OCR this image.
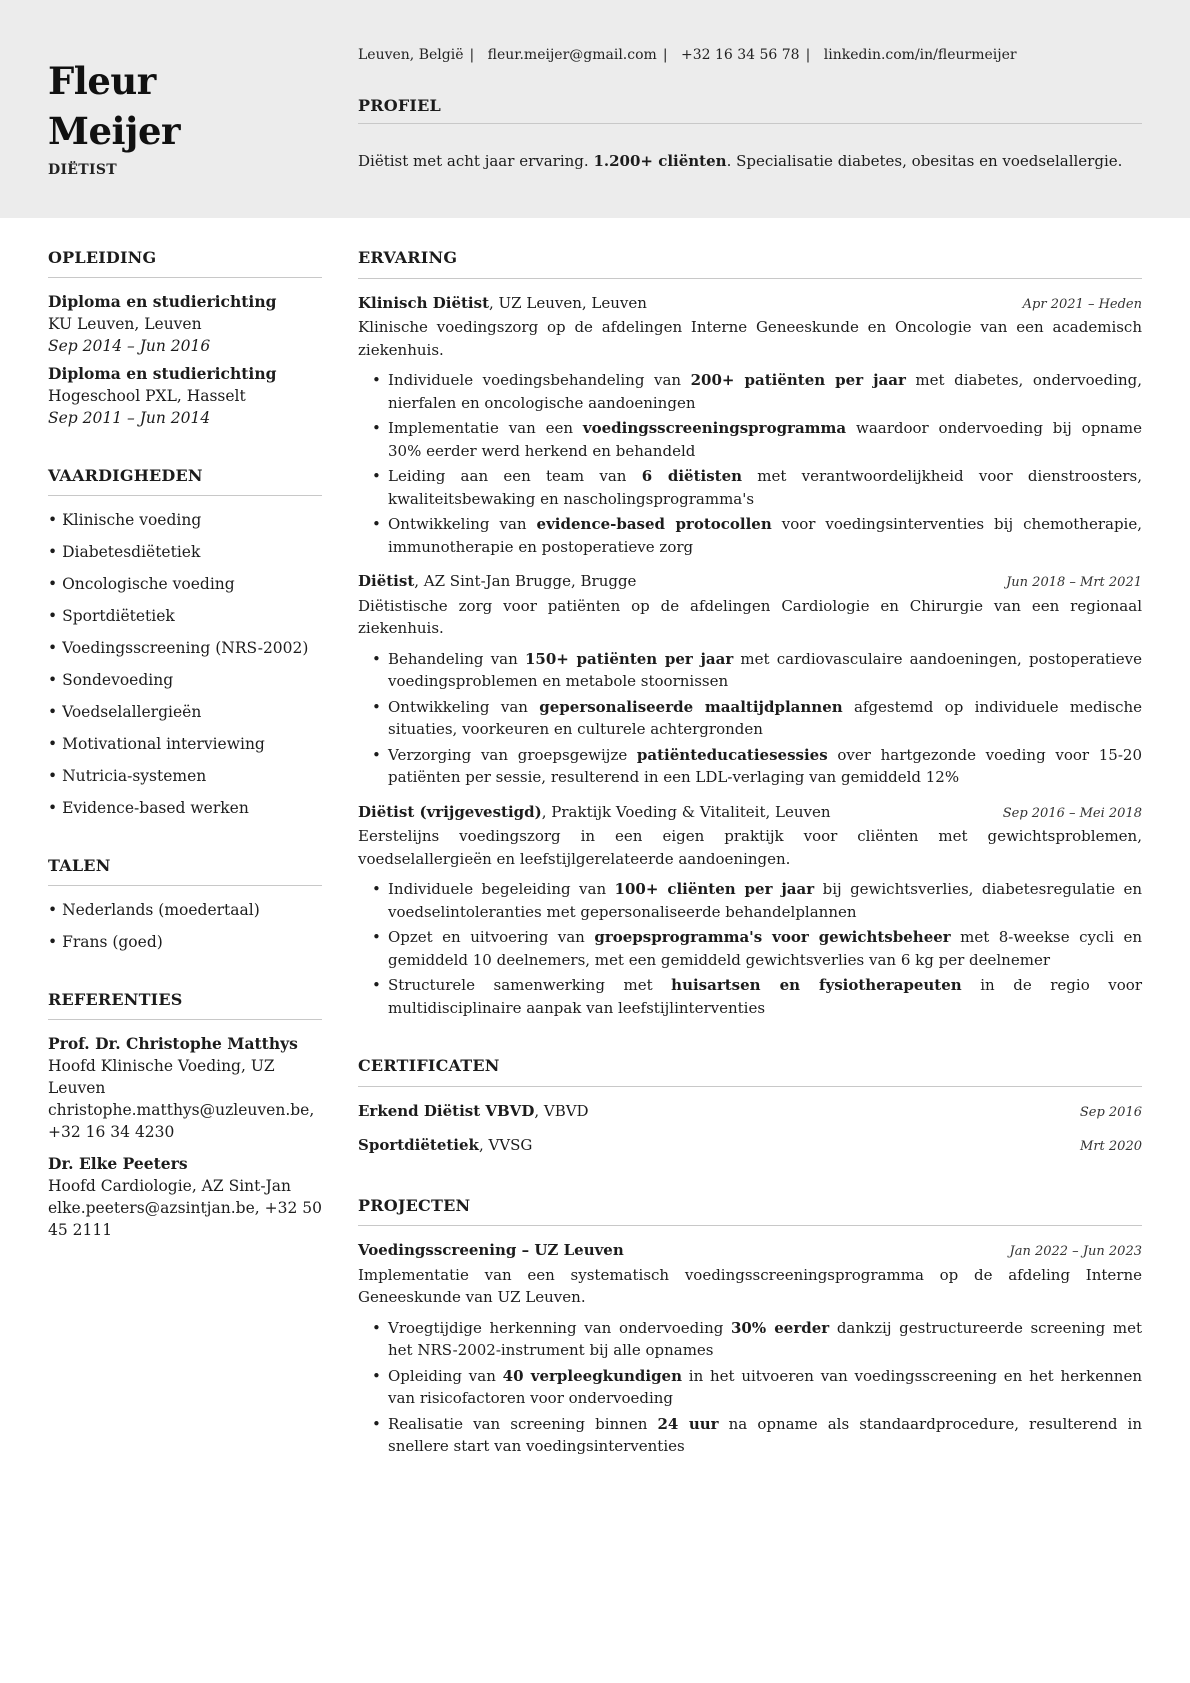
Fleur
Meijer
DIËTIST
Leuven, België | fleur.meijer@gmail.com | +32 16 34 56 78 | linkedin.com/in/fleurmeijer
PROFIEL

Diëtist met acht jaar ervaring. 1.200+ cliënten. Specialisatie diabetes, obesitas en voedselallergie.

OPLEIDING
Diploma en studierichting
KU Leuven, Leuven
Sep 2014 – Jun 2016
Diploma en studierichting
Hogeschool PXL, Hasselt
Sep 2011 – Jun 2014
VAARDIGHEDEN
• Klinische voeding
• Diabetesdiëtetiek
• Oncologische voeding
• Sportdiëtetiek
• Voedingsscreening (NRS-2002)
• Sondevoeding
• Voedselallergieën
• Motivational interviewing
• Nutricia-systemen
• Evidence-based werken
TALEN
• Nederlands (moedertaal)
• Frans (goed)
REFERENTIES
Prof. Dr. Christophe Matthys
Hoofd Klinische Voeding, UZ Leuven
christophe.matthys@uzleuven.be, +32 16 34 4230
Dr. Elke Peeters
Hoofd Cardiologie, AZ Sint-Jan
elke.peeters@azsintjan.be, +32 50 45 2111
ERVARING
Klinisch Diëtist, UZ Leuven, Leuven	Apr 2021 – Heden
Klinische voedingszorg op de afdelingen Interne Geneeskunde en Oncologie van een academisch ziekenhuis.
• Individuele voedingsbehandeling van 200+ patiënten per jaar met diabetes, ondervoeding, nierfalen en oncologische aandoeningen
• Implementatie van een voedingsscreeningsprogramma waardoor ondervoeding bij opname 30% eerder werd herkend en behandeld
• Leiding aan een team van 6 diëtisten met verantwoordelijkheid voor dienstroosters, kwaliteitsbewaking en nascholingsprogramma's
• Ontwikkeling van evidence-based protocollen voor voedingsinterventies bij chemotherapie, immunotherapie en postoperatieve zorg
Diëtist, AZ Sint-Jan Brugge, Brugge	Jun 2018 – Mrt 2021
Diëtistische zorg voor patiënten op de afdelingen Cardiologie en Chirurgie van een regionaal ziekenhuis.
• Behandeling van 150+ patiënten per jaar met cardiovasculaire aandoeningen, postoperatieve voedingsproblemen en metabole stoornissen
• Ontwikkeling van gepersonaliseerde maaltijdplannen afgestemd op individuele medische situaties, voorkeuren en culturele achtergronden
• Verzorging van groepsgewijze patiënteducatiesessies over hartgezonde voeding voor 15-20 patiënten per sessie, resulterend in een LDL-verlaging van gemiddeld 12%
Diëtist (vrijgevestigd), Praktijk Voeding & Vitaliteit, Leuven	Sep 2016 – Mei 2018
Eerstelijns voedingszorg in een eigen praktijk voor cliënten met gewichtsproblemen, voedselallergieën en leefstijlgerelateerde aandoeningen.
• Individuele begeleiding van 100+ cliënten per jaar bij gewichtsverlies, diabetesregulatie en voedselintoleranties met gepersonaliseerde behandelplannen
• Opzet en uitvoering van groepsprogramma's voor gewichtsbeheer met 8-weekse cycli en gemiddeld 10 deelnemers, met een gemiddeld gewichtsverlies van 6 kg per deelnemer
• Structurele samenwerking met huisartsen en fysiotherapeuten in de regio voor multidisciplinaire aanpak van leefstijlinterventies
CERTIFICATEN
Erkend Diëtist VBVD, VBVD	Sep 2016
Sportdiëtetiek, VVSG	Mrt 2020
PROJECTEN
Voedingsscreening – UZ Leuven	Jan 2022 – Jun 2023
Implementatie van een systematisch voedingsscreeningsprogramma op de afdeling Interne Geneeskunde van UZ Leuven.
• Vroegtijdige herkenning van ondervoeding 30% eerder dankzij gestructureerde screening met het NRS-2002-instrument bij alle opnames
• Opleiding van 40 verpleegkundigen in het uitvoeren van voedingsscreening en het herkennen van risicofactoren voor ondervoeding
• Realisatie van screening binnen 24 uur na opname als standaardprocedure, resulterend in snellere start van voedingsinterventies
